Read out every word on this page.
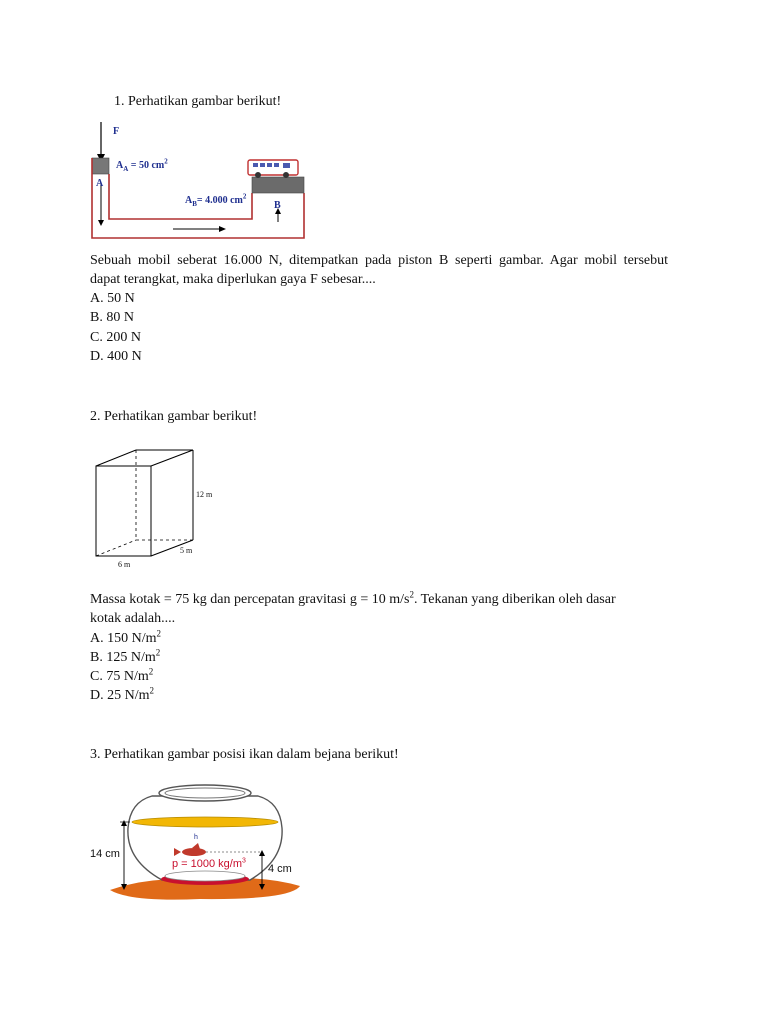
1. Perhatikan gambar berikut!
F
A
B
$A_A = 50$ $cm^2$
$A_B= 4.000$ $cm^2$
Sebuah mobil seberat 16.000 N, ditempatkan pada piston B seperti gambar. Agar mobil tersebut
dapat terangkat, maka diperlukan gaya F sebesar....
A. 50 N
B. 80 N
C. 200 N
D. 400 N
2. Perhatikan gambar berikut!
12 m
5 m
6 m
Massa kotak = 75 kg dan percepatan gravitasi g = 10 $m/s^2$. Tekanan yang diberikan oleh dasar
kotak adalah....
A. 150 $N/m^2$
B. 125 $N/m^2$
C. 75 $N/m^2$
D. 25 $N/m^2$
3. Perhatikan gambar posisi ikan dalam bejana berikut!
14 cm
4 cm
p = 1000 $kg/m^3$
h
